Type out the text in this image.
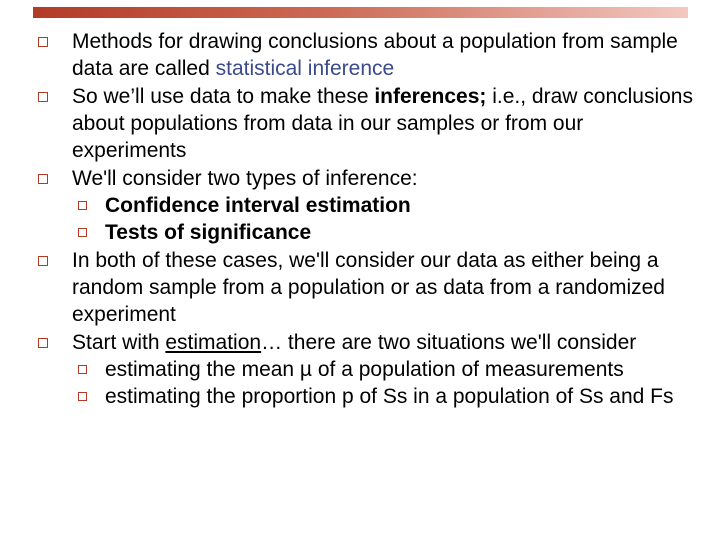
Methods for drawing conclusions about a population from sample data are called statistical inference
So we’ll use data to make these inferences; i.e., draw conclusions about populations from data in our samples or from our experiments
We'll consider two types of inference:
Confidence interval estimation
Tests of significance
In both of these cases, we'll consider our data as either being a random sample from a population or as data from a randomized experiment
Start with estimation… there are two situations we'll consider
estimating the mean µ of a population of measurements
estimating the proportion p of Ss in a population of Ss and Fs
